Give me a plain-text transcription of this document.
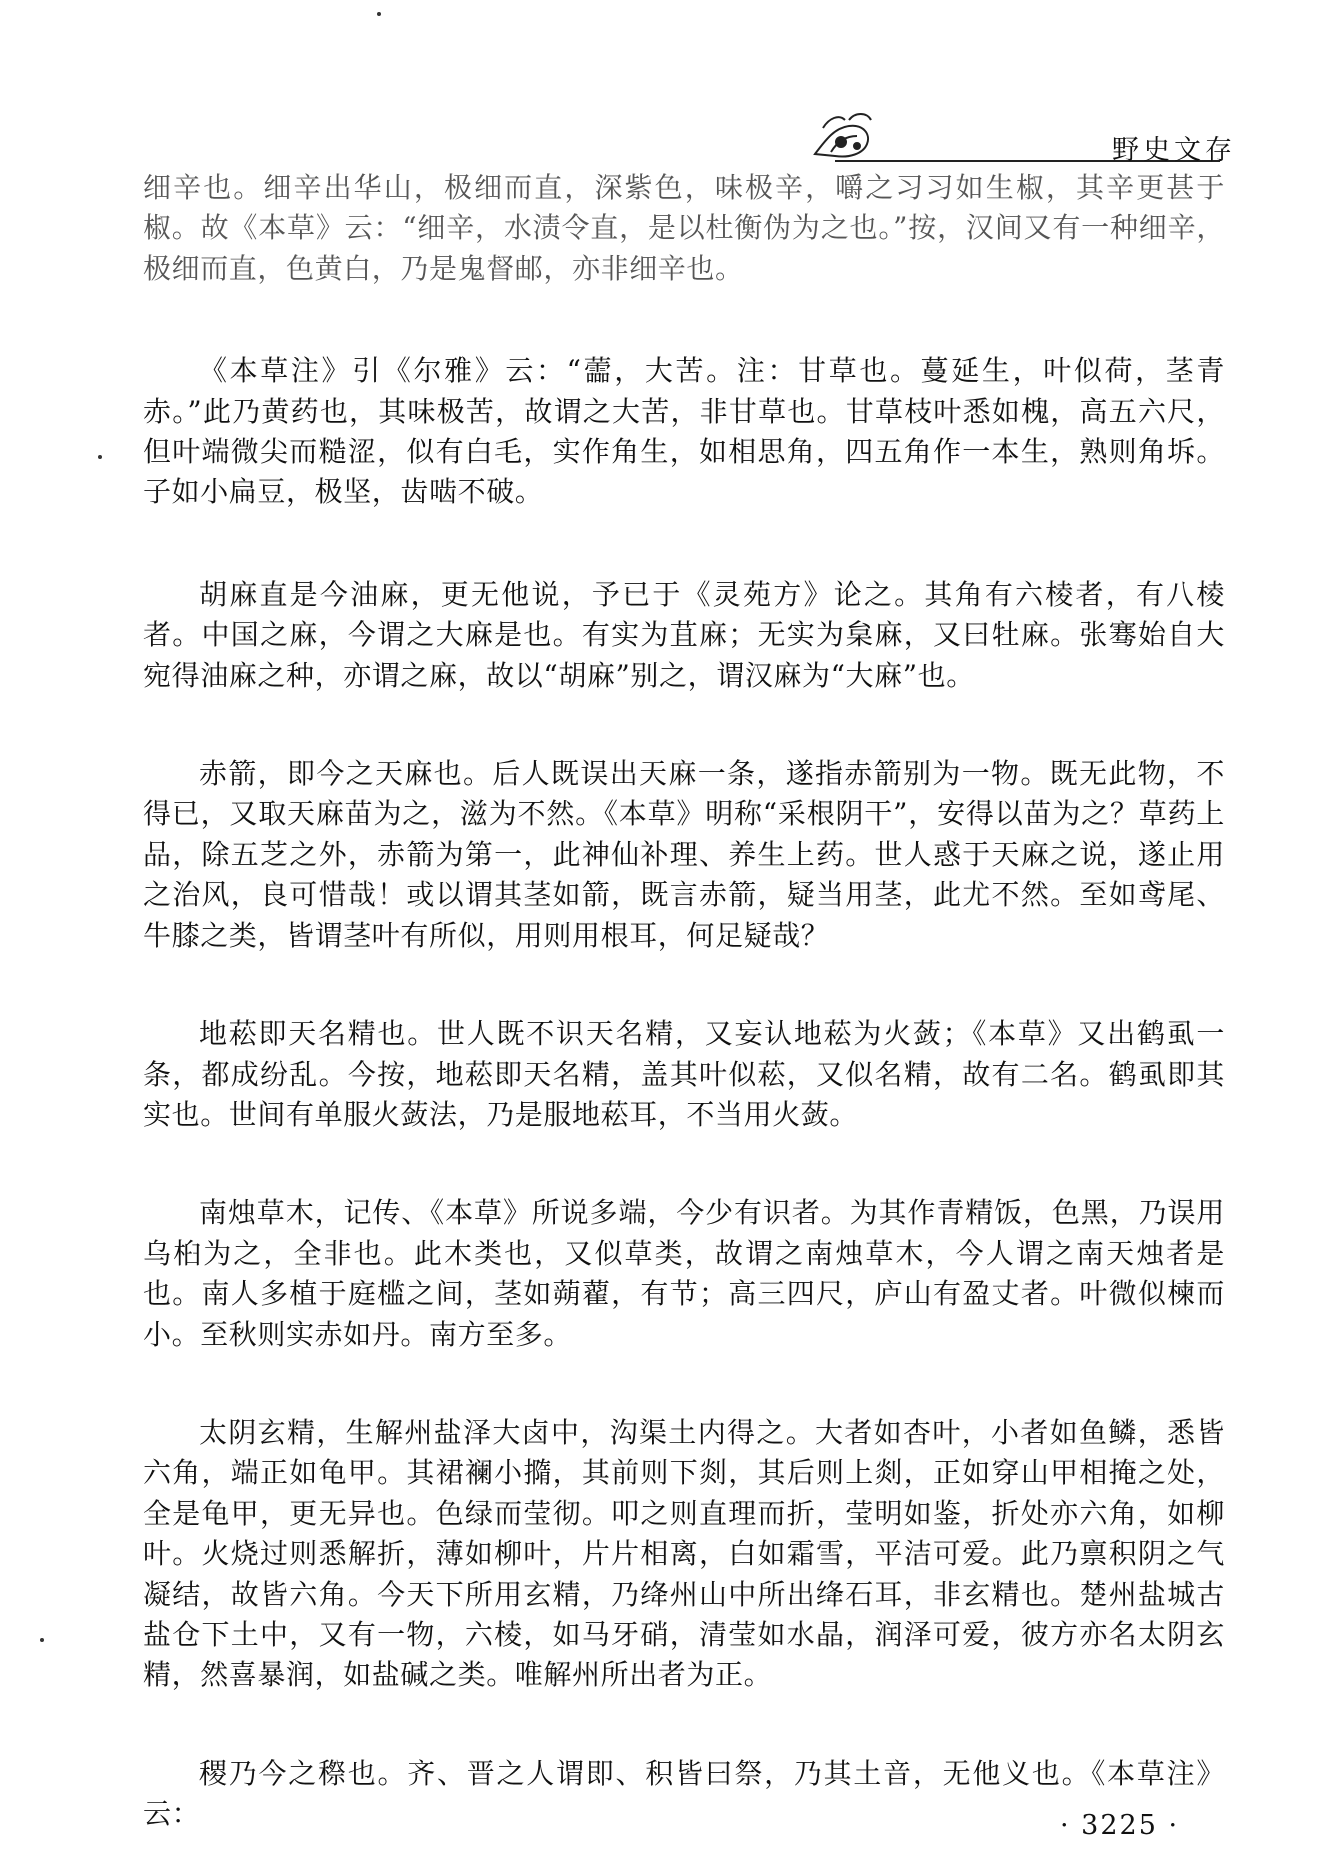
野史文存

细辛也。细辛出华山，极细而直，深紫色，味极辛，嚼之习习如生椒，其辛更甚于椒。故《本草》云：“细辛，水渍令直，是以杜衡伪为之也。”按，汉间又有一种细辛，极细而直，色黄白，乃是鬼督邮，亦非细辛也。

《本草注》引《尔雅》云：“蘦，大苦。注：甘草也。蔓延生，叶似荷，茎青赤。”此乃黄药也，其味极苦，故谓之大苦，非甘草也。甘草枝叶悉如槐，高五六尺，但叶端微尖而糙涩，似有白毛，实作角生，如相思角，四五角作一本生，熟则角坼。子如小扁豆，极坚，齿啮不破。

胡麻直是今油麻，更无他说，予已于《灵苑方》论之。其角有六棱者，有八棱者。中国之麻，今谓之大麻是也。有实为苴麻；无实为枲麻，又曰牡麻。张骞始自大宛得油麻之种，亦谓之麻，故以“胡麻”别之，谓汉麻为“大麻”也。

赤箭，即今之天麻也。后人既误出天麻一条，遂指赤箭别为一物。既无此物，不得已，又取天麻苗为之，滋为不然。《本草》明称“采根阴干”，安得以苗为之？草药上品，除五芝之外，赤箭为第一，此神仙补理、养生上药。世人惑于天麻之说，遂止用之治风，良可惜哉！或以谓其茎如箭，既言赤箭，疑当用茎，此尤不然。至如鸢尾、牛膝之类，皆谓茎叶有所似，用则用根耳，何足疑哉？

地菘即天名精也。世人既不识天名精，又妄认地菘为火蔹；《本草》又出鹤虱一条，都成纷乱。今按，地菘即天名精，盖其叶似菘，又似名精，故有二名。鹤虱即其实也。世间有单服火蔹法，乃是服地菘耳，不当用火蔹。

南烛草木，记传、《本草》所说多端，今少有识者。为其作青精饭，色黑，乃误用乌桕为之，全非也。此木类也，又似草类，故谓之南烛草木，今人谓之南天烛者是也。南人多植于庭槛之间，茎如蒴藋，有节；高三四尺，庐山有盈丈者。叶微似楝而小。至秋则实赤如丹。南方至多。

太阴玄精，生解州盐泽大卤中，沟渠土内得之。大者如杏叶，小者如鱼鳞，悉皆六角，端正如龟甲。其裙襕小撱，其前则下剡，其后则上剡，正如穿山甲相掩之处，全是龟甲，更无异也。色绿而莹彻。叩之则直理而折，莹明如鉴，折处亦六角，如柳叶。火烧过则悉解折，薄如柳叶，片片相离，白如霜雪，平洁可爱。此乃禀积阴之气凝结，故皆六角。今天下所用玄精，乃绛州山中所出绛石耳，非玄精也。楚州盐城古盐仓下土中，又有一物，六棱，如马牙硝，清莹如水晶，润泽可爱，彼方亦名太阴玄精，然喜暴润，如盐碱之类。唯解州所出者为正。

稷乃今之穄也。齐、晋之人谓即、积皆曰祭，乃其土音，无他义也。《本草注》云：	· 3225 ·
